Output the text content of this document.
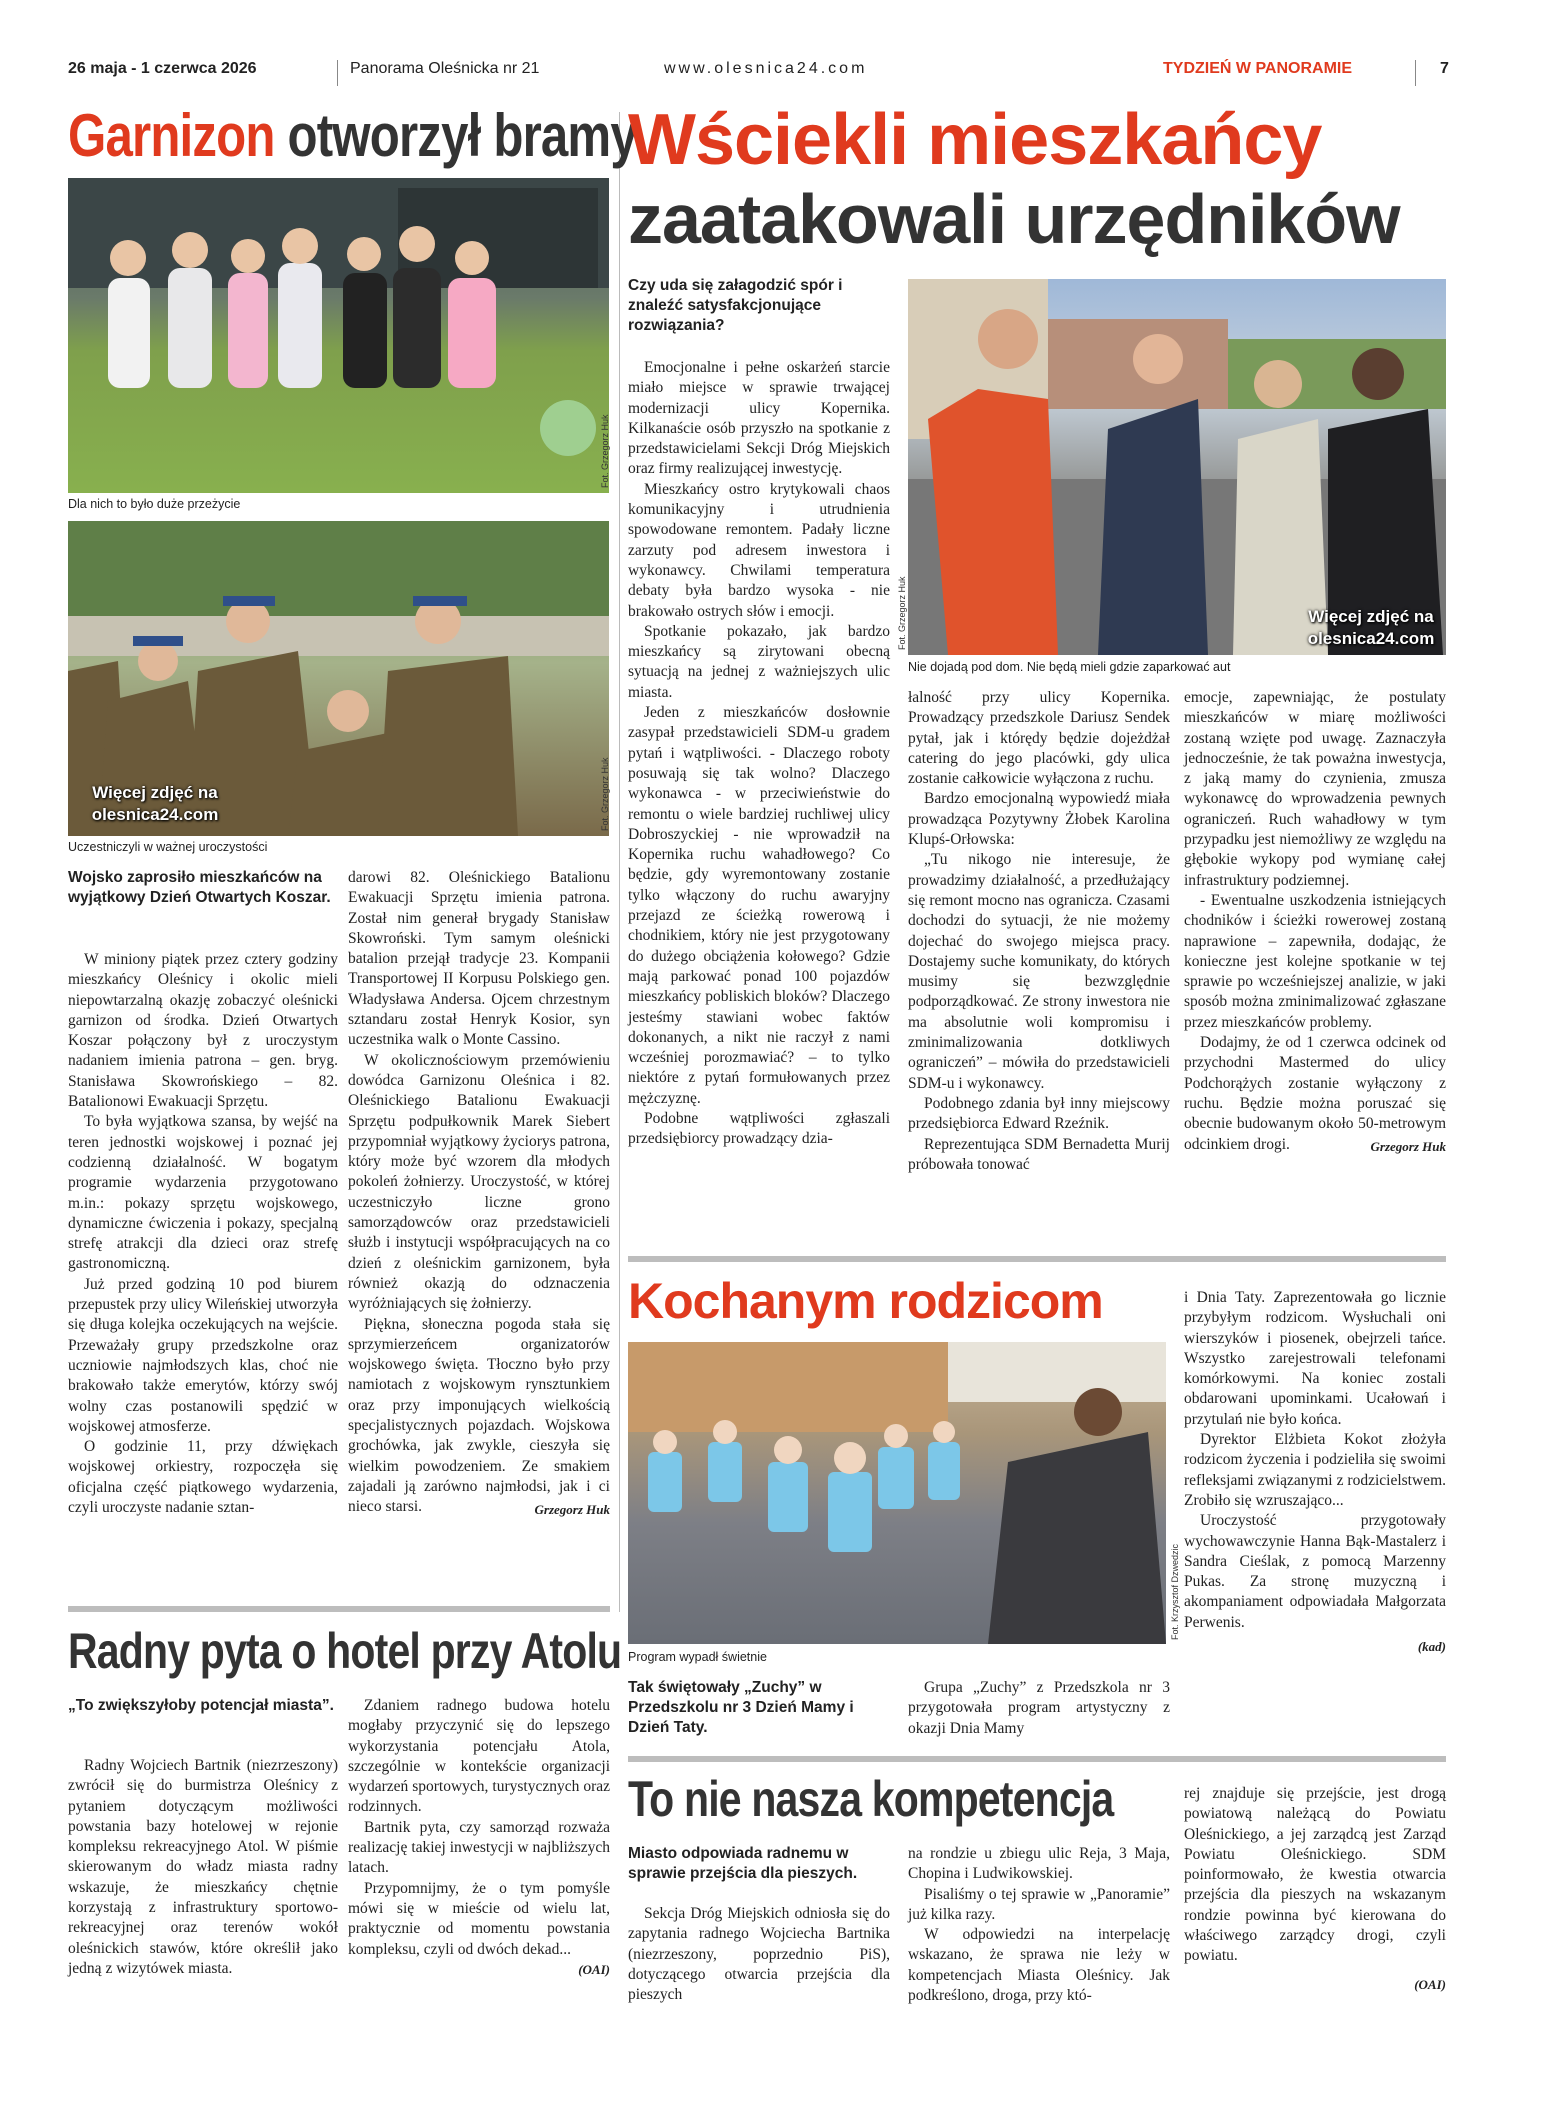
26 maja - 1 czerwca 2026	Panorama Oleśnicka nr 21	www.olesnica24.com	TYDZIEŃ W PANORAMIE	7
Garnizon otworzył bramy
Fot. Grzegorz Huk
Dla nich to było duże przeżycie
Więcej zdjęć na
olesnica24.com	Fot. Grzegorz Huk
Uczestniczyli w ważnej uroczystości
Wojsko zaprosiło mieszkańców na wyjątkowy Dzień Otwartych Koszar.

W miniony piątek przez cztery godziny mieszkańcy Oleśnicy i okolic mieli niepowtarzalną okazję zobaczyć oleśnicki garnizon od środka. Dzień Otwartych Koszar połączony był z uroczystym nadaniem imienia patrona – gen. bryg. Stanisława Skowrońskiego – 82. Batalionowi Ewakuacji Sprzętu.

To była wyjątkowa szansa, by wejść na teren jednostki wojskowej i poznać jej codzienną działalność. W bogatym programie wydarzenia przygotowano m.in.: pokazy sprzętu wojskowego, dynamiczne ćwiczenia i pokazy, specjalną strefę atrakcji dla dzieci oraz strefę gastronomiczną.

Już przed godziną 10 pod biurem przepustek przy ulicy Wileńskiej utworzyła się długa kolejka oczekujących na wejście. Przeważały grupy przedszkolne oraz uczniowie najmłodszych klas, choć nie brakowało także emerytów, którzy swój wolny czas postanowili spędzić w wojskowej atmosferze.

O godzinie 11, przy dźwiękach wojskowej orkiestry, rozpoczęła się oficjalna część piątkowego wydarzenia, czyli uroczyste nadanie sztan-

darowi 82. Oleśnickiego Batalionu Ewakuacji Sprzętu imienia patrona. Został nim generał brygady Stanisław Skowroński. Tym samym oleśnicki batalion przejął tradycje 23. Kompanii Transportowej II Korpusu Polskiego gen. Władysława Andersa. Ojcem chrzestnym sztandaru został Henryk Kosior, syn uczestnika walk o Monte Cassino.

W okolicznościowym przemówieniu dowódca Garnizonu Oleśnica i 82. Oleśnickiego Batalionu Ewakuacji Sprzętu podpułkownik Marek Siebert przypomniał wyjątkowy życiorys patrona, który może być wzorem dla młodych pokoleń żołnierzy. Uroczystość, w której uczestniczyło liczne grono samorządowców oraz przedstawicieli służb i instytucji współpracujących na co dzień z oleśnickim garnizonem, była również okazją do odznaczenia wyróżniających się żołnierzy.

Piękna, słoneczna pogoda stała się sprzymierzeńcem organizatorów wojskowego święta. Tłoczno było przy namiotach z wojskowym rynsztunkiem oraz przy imponujących wielkością specjalistycznych pojazdach. Wojskowa grochówka, jak zwykle, cieszyła się wielkim powodzeniem. Ze smakiem zajadali ją zarówno najmłodsi, jak i ci nieco starsi.	Grzegorz Huk
Radny pyta o hotel przy Atolu
„To zwiększyłoby potencjał miasta”.

Radny Wojciech Bartnik (niezrzeszony) zwrócił się do burmistrza Oleśnicy z pytaniem dotyczącym możliwości powstania bazy hotelowej w rejonie kompleksu rekreacyjnego Atol. W piśmie skierowanym do władz miasta radny wskazuje, że mieszkańcy chętnie korzystają z infrastruktury sportowo-rekreacyjnej oraz terenów wokół oleśnickich stawów, które określił jako jedną z wizytówek miasta.

Zdaniem radnego budowa hotelu mogłaby przyczynić się do lepszego wykorzystania potencjału Atola, szczególnie w kontekście organizacji wydarzeń sportowych, turystycznych oraz rodzinnych.

Bartnik pyta, czy samorząd rozważa realizację takiej inwestycji w najbliższych latach.

Przypomnijmy, że o tym pomyśle mówi się w mieście od wielu lat, praktycznie od momentu powstania kompleksu, czyli od dwóch dekad...

(OAI)
Wściekli mieszkańcy
zaatakowali urzędników
Czy uda się załagodzić spór i znaleźć satysfakcjonujące rozwiązania?
Więcej zdjęć na
olesnica24.com
Fot. Grzegorz Huk
Nie dojadą pod dom. Nie będą mieli gdzie zaparkować aut

Emocjonalne i pełne oskarżeń starcie miało miejsce w sprawie trwającej modernizacji ulicy Kopernika. Kilkanaście osób przyszło na spotkanie z przedstawicielami Sekcji Dróg Miejskich oraz firmy realizującej inwestycję.

Mieszkańcy ostro krytykowali chaos komunikacyjny i utrudnienia spowodowane remontem. Padały liczne zarzuty pod adresem inwestora i wykonawcy. Chwilami temperatura debaty była bardzo wysoka - nie brakowało ostrych słów i emocji.

Spotkanie pokazało, jak bardzo mieszkańcy są zirytowani obecną sytuacją na jednej z ważniejszych ulic miasta.

Jeden z mieszkańców dosłownie zasypał przedstawicieli SDM-u gradem pytań i wątpliwości. - Dlaczego roboty posuwają się tak wolno? Dlaczego wykonawca - w przeciwieństwie do remontu o wiele bardziej ruchliwej ulicy Dobroszyckiej - nie wprowadził na Kopernika ruchu wahadłowego? Co będzie, gdy wyremontowany zostanie tylko włączony do ruchu awaryjny przejazd ze ścieżką rowerową i chodnikiem, który nie jest przygotowany do dużego obciążenia kołowego? Gdzie mają parkować ponad 100 pojazdów mieszkańcy pobliskich bloków? Dlaczego jesteśmy stawiani wobec faktów dokonanych, a nikt nie raczył z nami wcześniej porozmawiać? – to tylko niektóre z pytań formułowanych przez mężczyznę.

Podobne wątpliwości zgłaszali przedsiębiorcy prowadzący dzia-

łalność przy ulicy Kopernika. Prowadzący przedszkole Dariusz Sendek pytał, jak i którędy będzie dojeżdżał catering do jego placówki, gdy ulica zostanie całkowicie wyłączona z ruchu.

Bardzo emocjonalną wypowiedź miała prowadząca Pozytywny Żłobek Karolina Klupś-Orłowska:

„Tu nikogo nie interesuje, że prowadzimy działalność, a przedłużający się remont mocno nas ogranicza. Czasami dochodzi do sytuacji, że nie możemy dojechać do swojego miejsca pracy. Dostajemy suche komunikaty, do których musimy się bezwzględnie podporządkować. Ze strony inwestora nie ma absolutnie woli kompromisu i zminimalizowania dotkliwych ograniczeń” – mówiła do przedstawicieli SDM-u i wykonawcy.

Podobnego zdania był inny miejscowy przedsiębiorca Edward Rzeźnik.

Reprezentująca SDM Bernadetta Murij próbowała tonować

emocje, zapewniając, że postulaty mieszkańców w miarę możliwości zostaną wzięte pod uwagę. Zaznaczyła jednocześnie, że tak poważna inwestycja, z jaką mamy do czynienia, zmusza wykonawcę do wprowadzenia pewnych ograniczeń. Ruch wahadłowy w tym przypadku jest niemożliwy ze względu na głębokie wykopy pod wymianę całej infrastruktury podziemnej.

- Ewentualne uszkodzenia istniejących chodników i ścieżki rowerowej zostaną naprawione – zapewniła, dodając, że konieczne jest kolejne spotkanie w tej sprawie po wcześniejszej analizie, w jaki sposób można zminimalizować zgłaszane przez mieszkańców problemy.

Dodajmy, że od 1 czerwca odcinek od przychodni Mastermed do ulicy Podchorążych zostanie wyłączony z ruchu. Będzie można poruszać się obecnie budowanym około 50-metrowym odcinkiem drogi.	Grzegorz Huk
Kochanym rodzicom
Fot. Krzysztof Dzwedzic
Program wypadł świetnie
Tak świętowały „Zuchy” w Przedszkolu nr 3 Dzień Mamy i Dzień Taty.

Grupa „Zuchy” z Przedszkola nr 3 przygotowała program artystyczny z okazji Dnia Mamy

i Dnia Taty. Zaprezentowała go licznie przybyłym rodzicom. Wysłuchali oni wierszyków i piosenek, obejrzeli tańce. Wszystko zarejestrowali telefonami komórkowymi. Na koniec zostali obdarowani upominkami. Ucałowań i przytulań nie było końca.

Dyrektor Elżbieta Kokot złożyła rodzicom życzenia i podzieliła się swoimi refleksjami związanymi z rodzicielstwem. Zrobiło się wzruszająco...

Uroczystość przygotowały wychowawczynie Hanna Bąk-Mastalerz i Sandra Cieślak, z pomocą Marzenny Pukas. Za stronę muzyczną i akompaniament odpowiadała Małgorzata Perwenis.

(kad)
To nie nasza kompetencja
Miasto odpowiada radnemu w sprawie przejścia dla pieszych.

Sekcja Dróg Miejskich odniosła się do zapytania radnego Wojciecha Bartnika (niezrzeszony, poprzednio PiS), dotyczącego otwarcia przejścia dla pieszych

na rondzie u zbiegu ulic Reja, 3 Maja, Chopina i Ludwikowskiej.

Pisaliśmy o tej sprawie w „Panoramie” już kilka razy.

W odpowiedzi na interpelację wskazano, że sprawa nie leży w kompetencjach Miasta Oleśnicy. Jak podkreślono, droga, przy któ-

rej znajduje się przejście, jest drogą powiatową należącą do Powiatu Oleśnickiego, a jej zarządcą jest Zarząd Powiatu Oleśnickiego. SDM poinformowało, że kwestia otwarcia przejścia dla pieszych na wskazanym rondzie powinna być kierowana do właściwego zarządcy drogi, czyli powiatu.

(OAI)
